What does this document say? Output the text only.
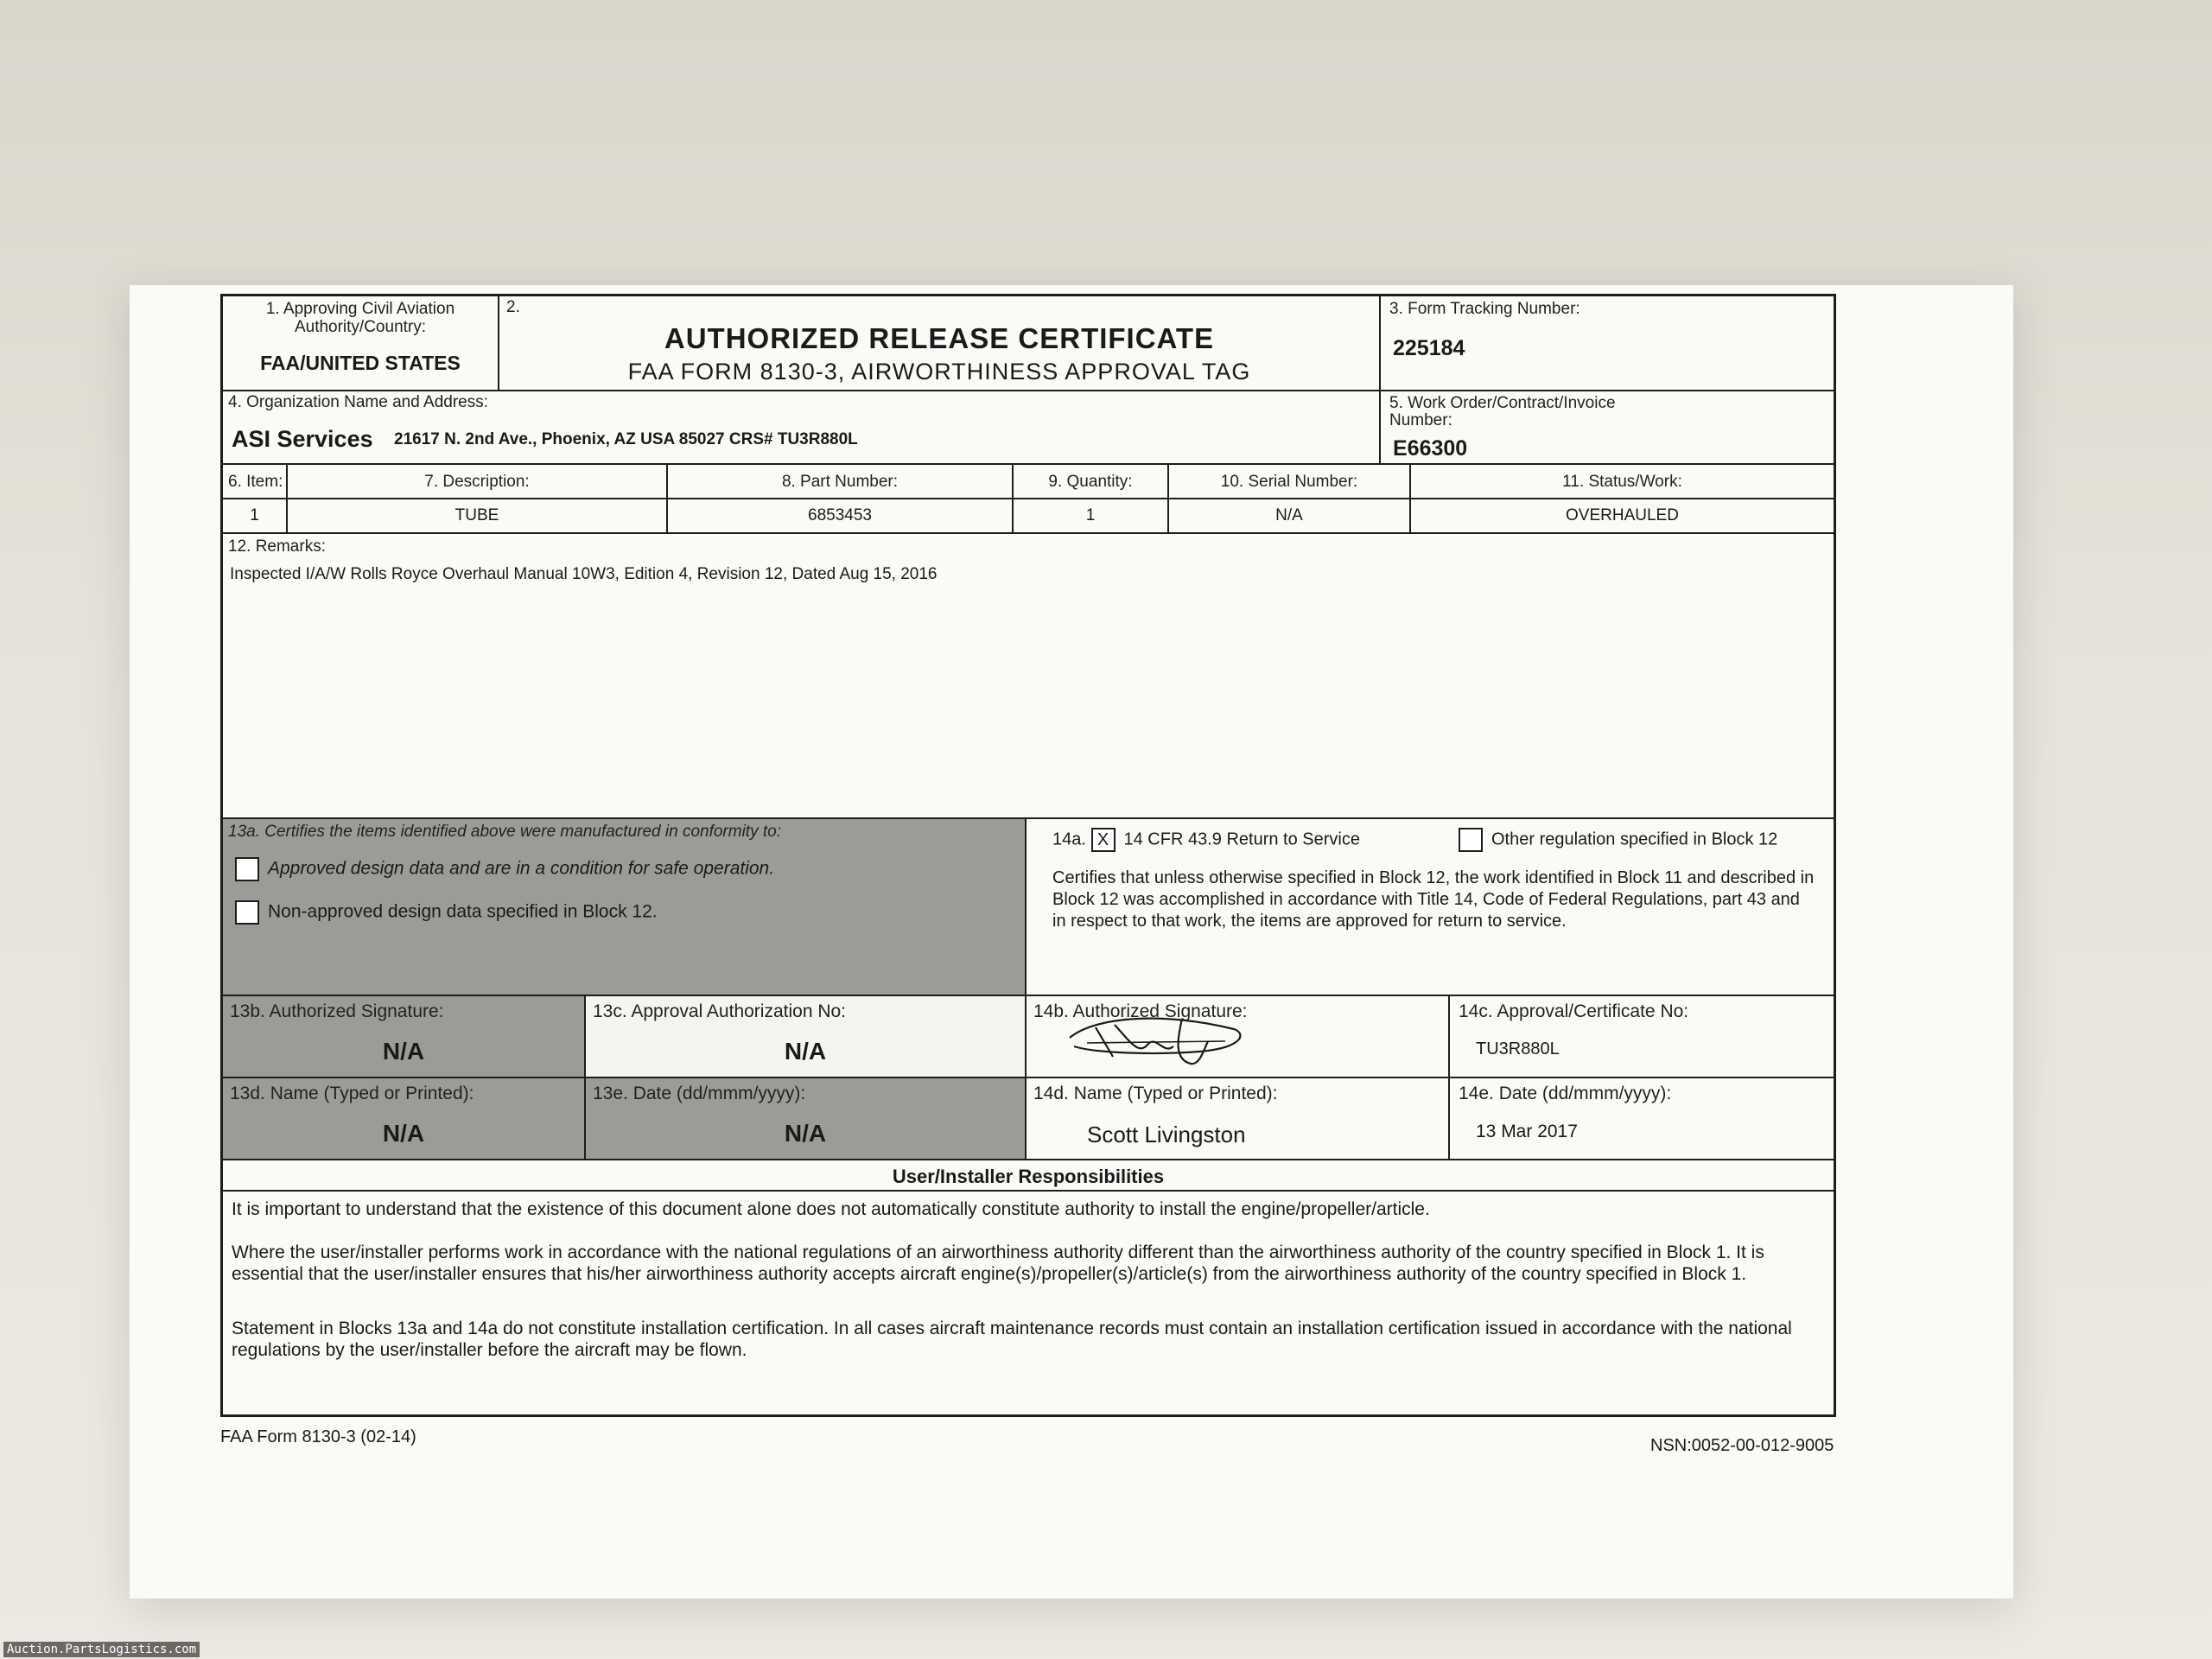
1. Approving Civil Aviation Authority/Country:
FAA/UNITED STATES
2.
AUTHORIZED RELEASE CERTIFICATE
FAA FORM 8130-3, AIRWORTHINESS APPROVAL TAG
3. Form Tracking Number:
225184
4. Organization Name and Address:
ASI Services 21617 N. 2nd Ave., Phoenix, AZ USA 85027 CRS# TU3R880L
5. Work Order/Contract/Invoice Number:
E66300
6. Item:	7. Description:	8. Part Number:	9. Quantity:	10. Serial Number:	11. Status/Work:
1	TUBE	6853453	1	N/A	OVERHAULED
12. Remarks:
Inspected I/A/W Rolls Royce Overhaul Manual 10W3, Edition 4, Revision 12, Dated Aug 15, 2016
13a. Certifies the items identified above were manufactured in conformity to:
Approved design data and are in a condition for safe operation.
Non-approved design data specified in Block 12.
14a. X 14 CFR 43.9 Return to Service	Other regulation specified in Block 12
Certifies that unless otherwise specified in Block 12, the work identified in Block 11 and described in Block 12 was accomplished in accordance with Title 14, Code of Federal Regulations, part 43 and in respect to that work, the items are approved for return to service.
13b. Authorized Signature:
N/A
13c. Approval Authorization No:
N/A
14b. Authorized Signature:	14c. Approval/Certificate No:
TU3R880L
13d. Name (Typed or Printed):
N/A
13e. Date (dd/mmm/yyyy):
N/A
14d. Name (Typed or Printed):
Scott Livingston
14e. Date (dd/mmm/yyyy):
13 Mar 2017
User/Installer Responsibilities
It is important to understand that the existence of this document alone does not automatically constitute authority to install the engine/propeller/article.
Where the user/installer performs work in accordance with the national regulations of an airworthiness authority different than the airworthiness authority of the country specified in Block 1. It is essential that the user/installer ensures that his/her airworthiness authority accepts aircraft engine(s)/propeller(s)/article(s) from the airworthiness authority of the country specified in Block 1.
Statement in Blocks 13a and 14a do not constitute installation certification. In all cases aircraft maintenance records must contain an installation certification issued in accordance with the national regulations by the user/installer before the aircraft may be flown.
FAA Form 8130-3 (02-14)	NSN:0052-00-012-9005
Auction.PartsLogistics.com
